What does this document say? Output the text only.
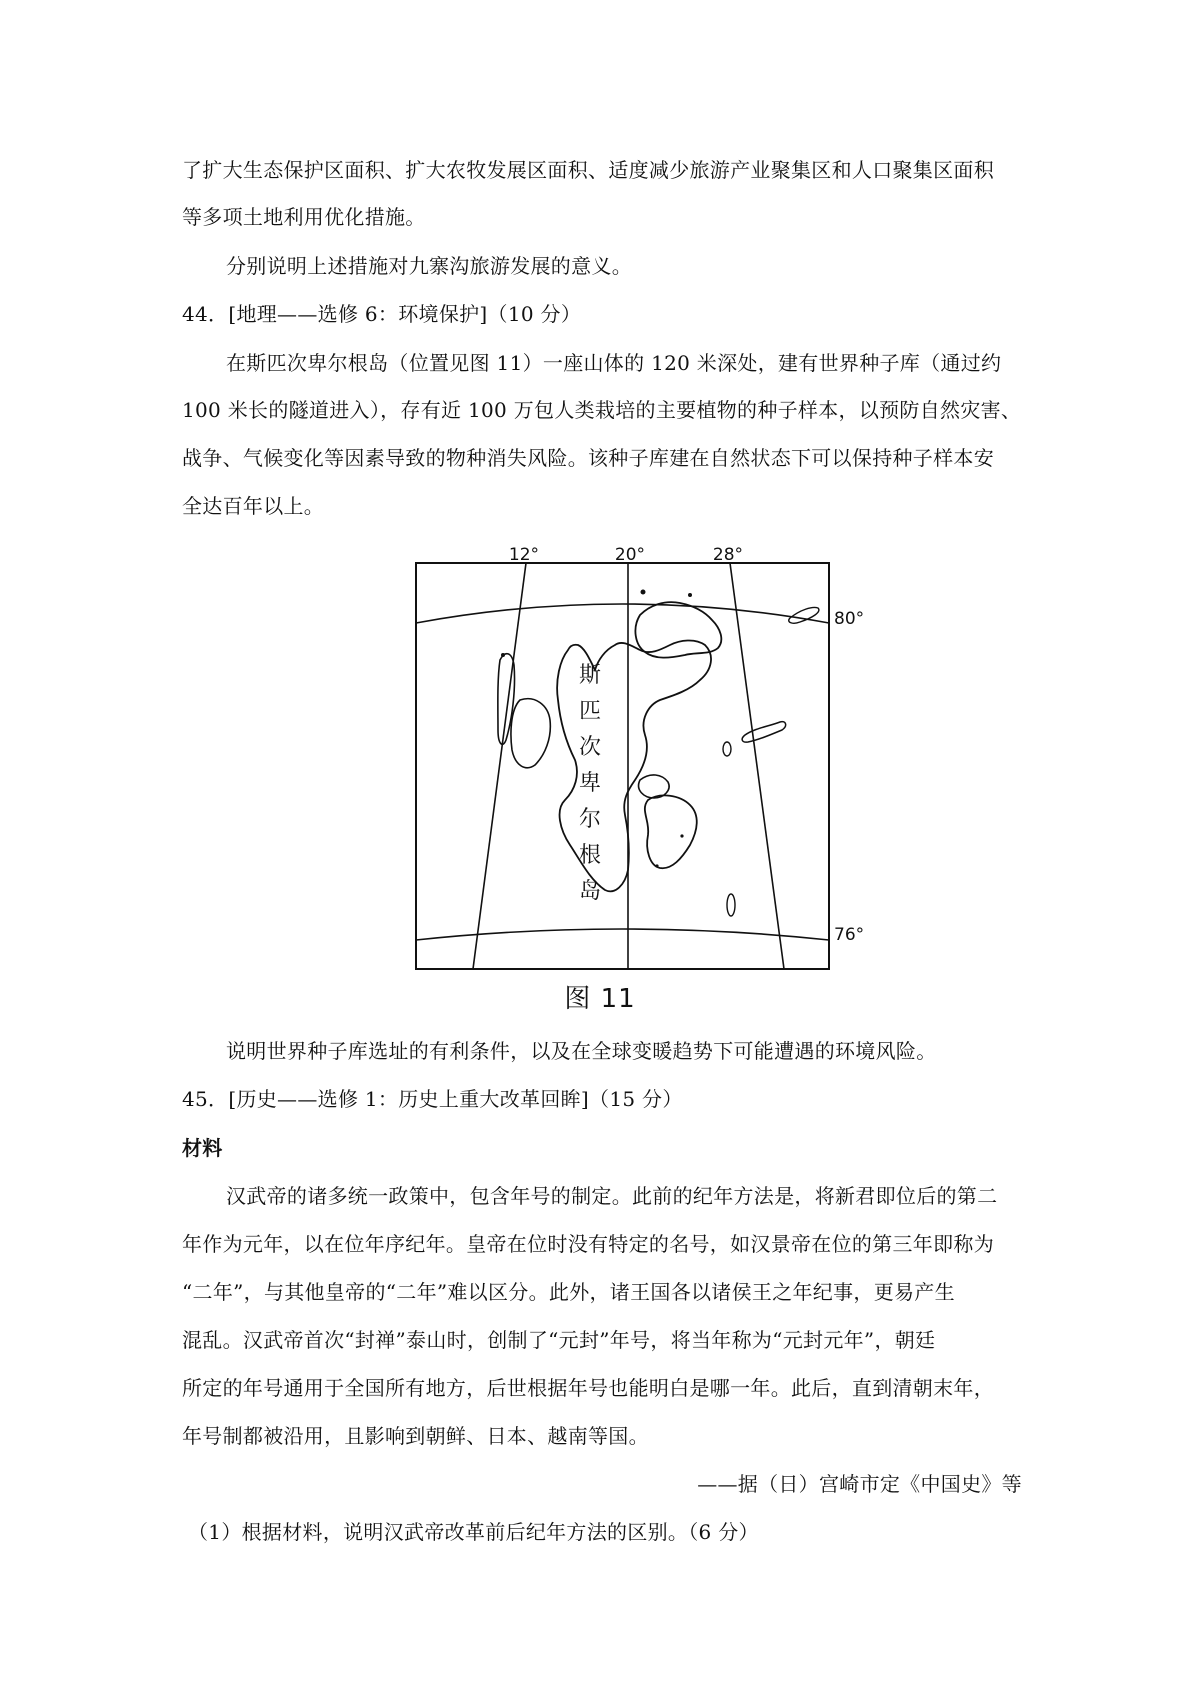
了扩大生态保护区面积、扩大农牧发展区面积、适度减少旅游产业聚集区和人口聚集区面积
等多项土地利用优化措施。
分别说明上述措施对九寨沟旅游发展的意义。
44．[地理——选修 6：环境保护]（10 分）
在斯匹次卑尔根岛（位置见图 11）一座山体的 120 米深处，建有世界种子库（通过约
100 米长的隧道进入），存有近 100 万包人类栽培的主要植物的种子样本，以预防自然灾害、
战争、气候变化等因素导致的物种消失风险。该种子库建在自然状态下可以保持种子样本安
全达百年以上。
12°	20°	28°
80°
76°
斯
匹
次
卑
尔
根
岛
图 11
说明世界种子库选址的有利条件，以及在全球变暖趋势下可能遭遇的环境风险。
45．[历史——选修 1：历史上重大改革回眸]（15 分）
材料
汉武帝的诸多统一政策中，包含年号的制定。此前的纪年方法是，将新君即位后的第二
年作为元年，以在位年序纪年。皇帝在位时没有特定的名号，如汉景帝在位的第三年即称为
“二年”，与其他皇帝的“二年”难以区分。此外，诸王国各以诸侯王之年纪事，更易产生
混乱。汉武帝首次“封禅”泰山时，创制了“元封”年号，将当年称为“元封元年”，朝廷
所定的年号通用于全国所有地方，后世根据年号也能明白是哪一年。此后，直到清朝末年，
年号制都被沿用，且影响到朝鲜、日本、越南等国。
——据（日）宫崎市定《中国史》等
（1）根据材料，说明汉武帝改革前后纪年方法的区别。（6 分）
